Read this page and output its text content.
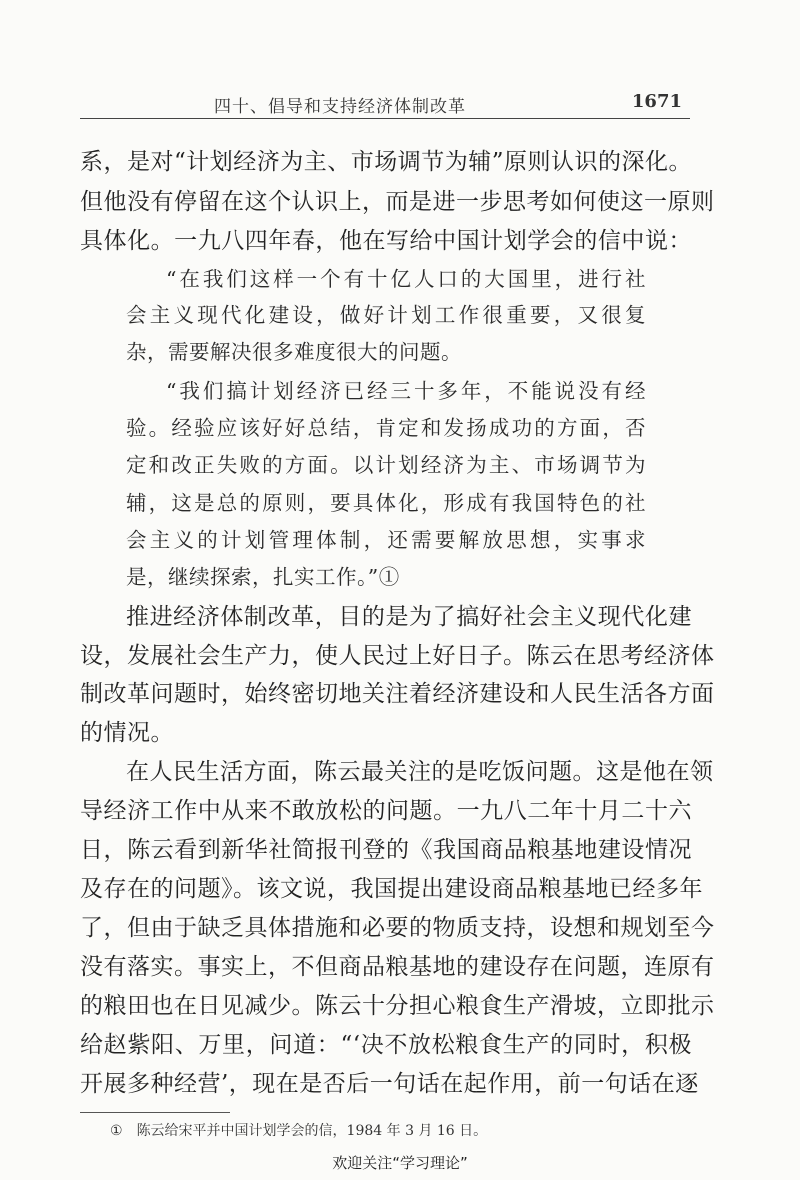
四十、倡导和支持经济体制改革	1671
系，是对“计划经济为主、市场调节为辅”原则认识的深化。
但他没有停留在这个认识上，而是进一步思考如何使这一原则
具体化。一九八四年春，他在写给中国计划学会的信中说：
“在我们这样一个有十亿人口的大国里，进行社
会主义现代化建设，做好计划工作很重要，又很复
杂，需要解决很多难度很大的问题。
“我们搞计划经济已经三十多年，不能说没有经
验。经验应该好好总结，肯定和发扬成功的方面，否
定和改正失败的方面。以计划经济为主、市场调节为
辅，这是总的原则，要具体化，形成有我国特色的社
会主义的计划管理体制，还需要解放思想，实事求
是，继续探索，扎实工作。”①
推进经济体制改革，目的是为了搞好社会主义现代化建
设，发展社会生产力，使人民过上好日子。陈云在思考经济体
制改革问题时，始终密切地关注着经济建设和人民生活各方面
的情况。
在人民生活方面，陈云最关注的是吃饭问题。这是他在领
导经济工作中从来不敢放松的问题。一九八二年十月二十六
日，陈云看到新华社简报刊登的《我国商品粮基地建设情况
及存在的问题》。该文说，我国提出建设商品粮基地已经多年
了，但由于缺乏具体措施和必要的物质支持，设想和规划至今
没有落实。事实上，不但商品粮基地的建设存在问题，连原有
的粮田也在日见减少。陈云十分担心粮食生产滑坡，立即批示
给赵紫阳、万里，问道：“‘决不放松粮食生产的同时，积极
开展多种经营’，现在是否后一句话在起作用，前一句话在逐
① 陈云给宋平并中国计划学会的信，1984 年 3 月 16 日。
欢迎关注“学习理论”
